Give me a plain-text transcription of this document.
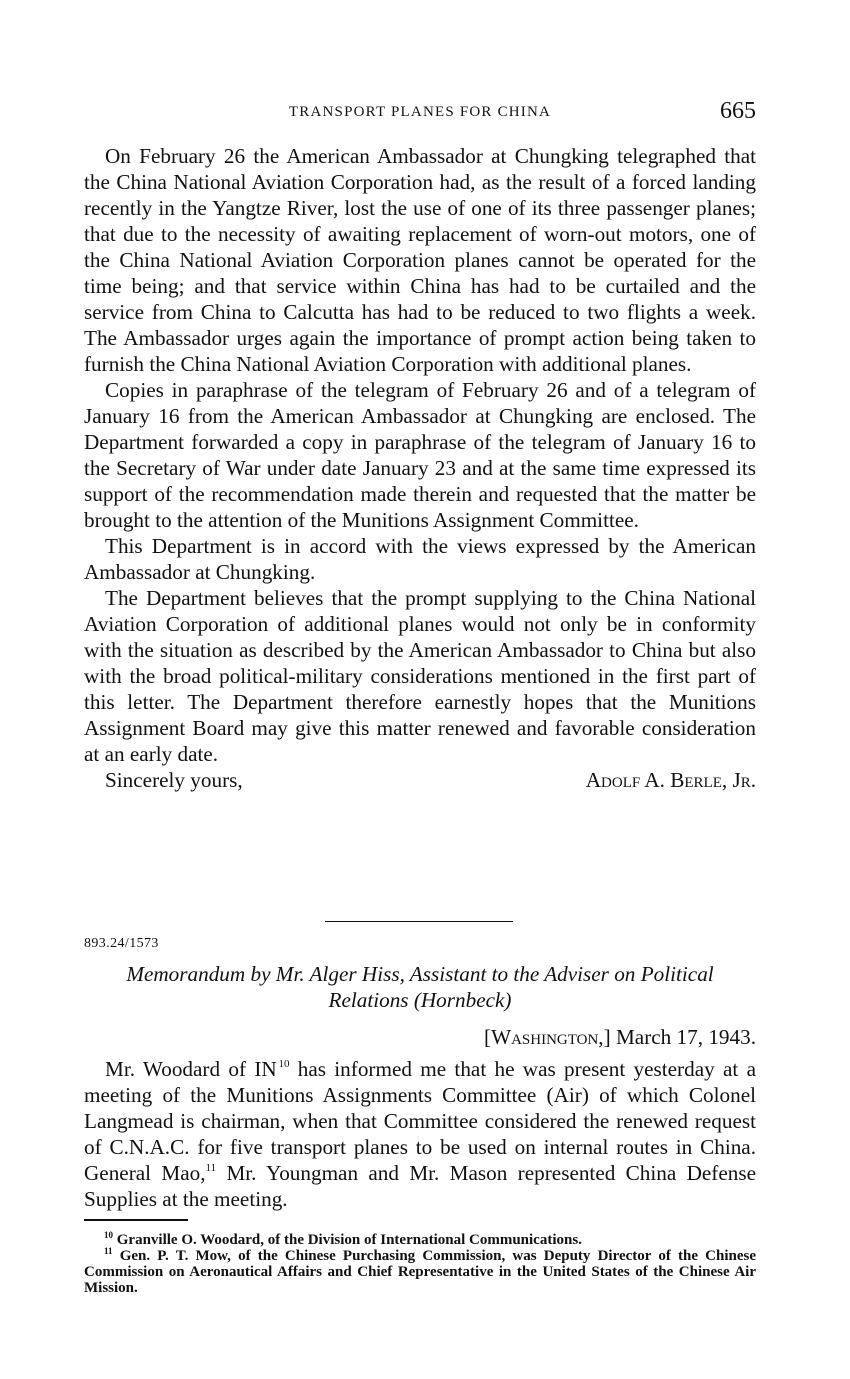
TRANSPORT PLANES FOR CHINA	665

On February 26 the American Ambassador at Chungking telegraphed that the China National Aviation Corporation had, as the result of a forced landing recently in the Yangtze River, lost the use of one of its three passenger planes; that due to the necessity of awaiting replacement of worn-out motors, one of the China National Aviation Corporation planes cannot be operated for the time being; and that service within China has had to be curtailed and the service from China to Calcutta has had to be reduced to two flights a week. The Ambassador urges again the importance of prompt action being taken to furnish the China National Aviation Corporation with additional planes.

Copies in paraphrase of the telegram of February 26 and of a telegram of January 16 from the American Ambassador at Chungking are enclosed. The Department forwarded a copy in paraphrase of the telegram of January 16 to the Secretary of War under date January 23 and at the same time expressed its support of the recommendation made therein and requested that the matter be brought to the attention of the Munitions Assignment Committee.

This Department is in accord with the views expressed by the American Ambassador at Chungking.

The Department believes that the prompt supplying to the China National Aviation Corporation of additional planes would not only be in conformity with the situation as described by the American Ambassador to China but also with the broad political-military considerations mentioned in the first part of this letter. The Department therefore earnestly hopes that the Munitions Assignment Board may give this matter renewed and favorable consideration at an early date.

Sincerely yours,	Adolf A. Berle, Jr.
893.24/1573
Memorandum by Mr. Alger Hiss, Assistant to the Adviser on Political Relations (Hornbeck)
[Washington,] March 17, 1943.

Mr. Woodard of IN  $^{10}$ has informed me that he was present yesterday at a meeting of the Munitions Assignments Committee (Air) of which Colonel Langmead is chairman, when that Committee considered the renewed request of C.N.A.C. for five transport planes to be used on internal routes in China. General Mao,$^{11}$ Mr. Youngman and Mr. Mason represented China Defense Supplies at the meeting.

$^{10}$ Granville O. Woodard, of the Division of International Communications.

$^{11}$ Gen. P. T. Mow, of the Chinese Purchasing Commission, was Deputy Director of the Chinese Commission on Aeronautical Affairs and Chief Representative in the United States of the Chinese Air Mission.
